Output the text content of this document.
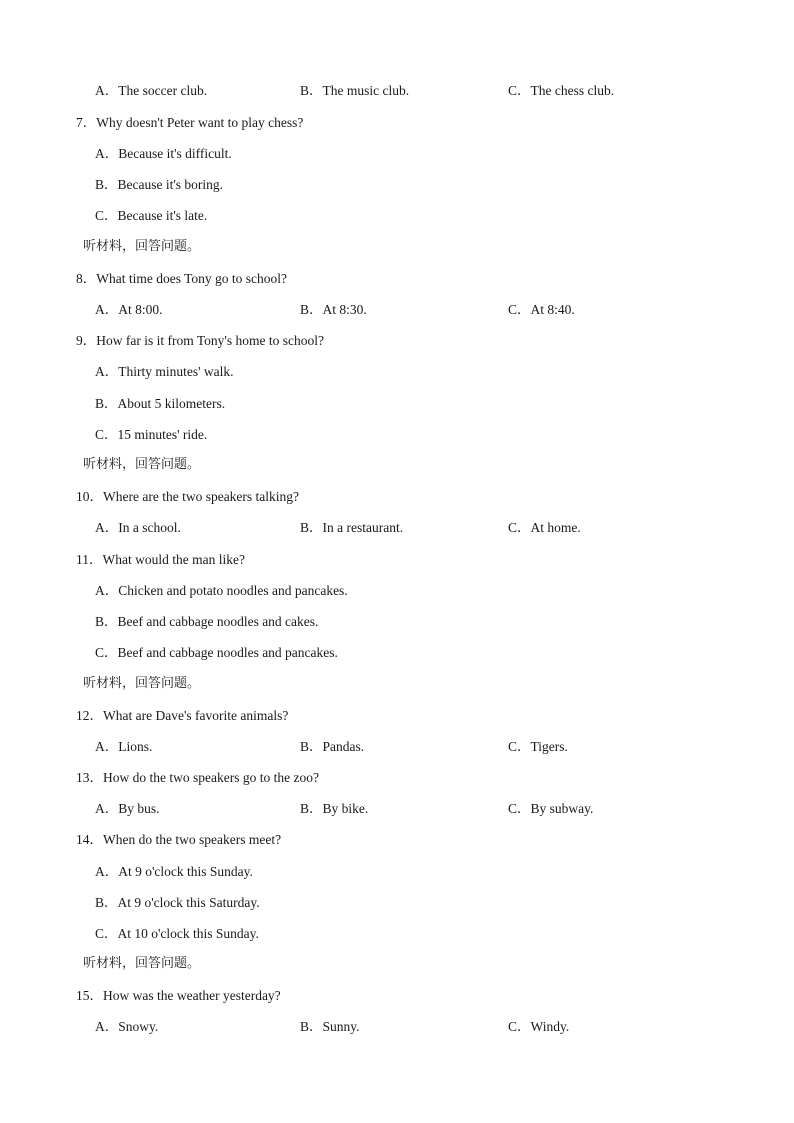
A．The soccer club.	B．The music club.	C．The chess club.
7．Why doesn't Peter want to play chess?
A．Because it's difficult.
B．Because it's boring.
C．Because it's late.
听材料，回答问题。
8．What time does Tony go to school?
A．At 8:00.	B．At 8:30.	C．At 8:40.
9．How far is it from Tony's home to school?
A．Thirty minutes' walk.
B．About 5 kilometers.
C．15 minutes' ride.
听材料，回答问题。
10．Where are the two speakers talking?
A．In a school.	B．In a restaurant.	C．At home.
11．What would the man like?
A．Chicken and potato noodles and pancakes.
B．Beef and cabbage noodles and cakes.
C．Beef and cabbage noodles and pancakes.
听材料，回答问题。
12．What are Dave's favorite animals?
A．Lions.	B．Pandas.	C．Tigers.
13．How do the two speakers go to the zoo?
A．By bus.	B．By bike.	C．By subway.
14．When do the two speakers meet?
A．At 9 o'clock this Sunday.
B．At 9 o'clock this Saturday.
C．At 10 o'clock this Sunday.
听材料，回答问题。
15．How was the weather yesterday?
A．Snowy.	B．Sunny.	C．Windy.
